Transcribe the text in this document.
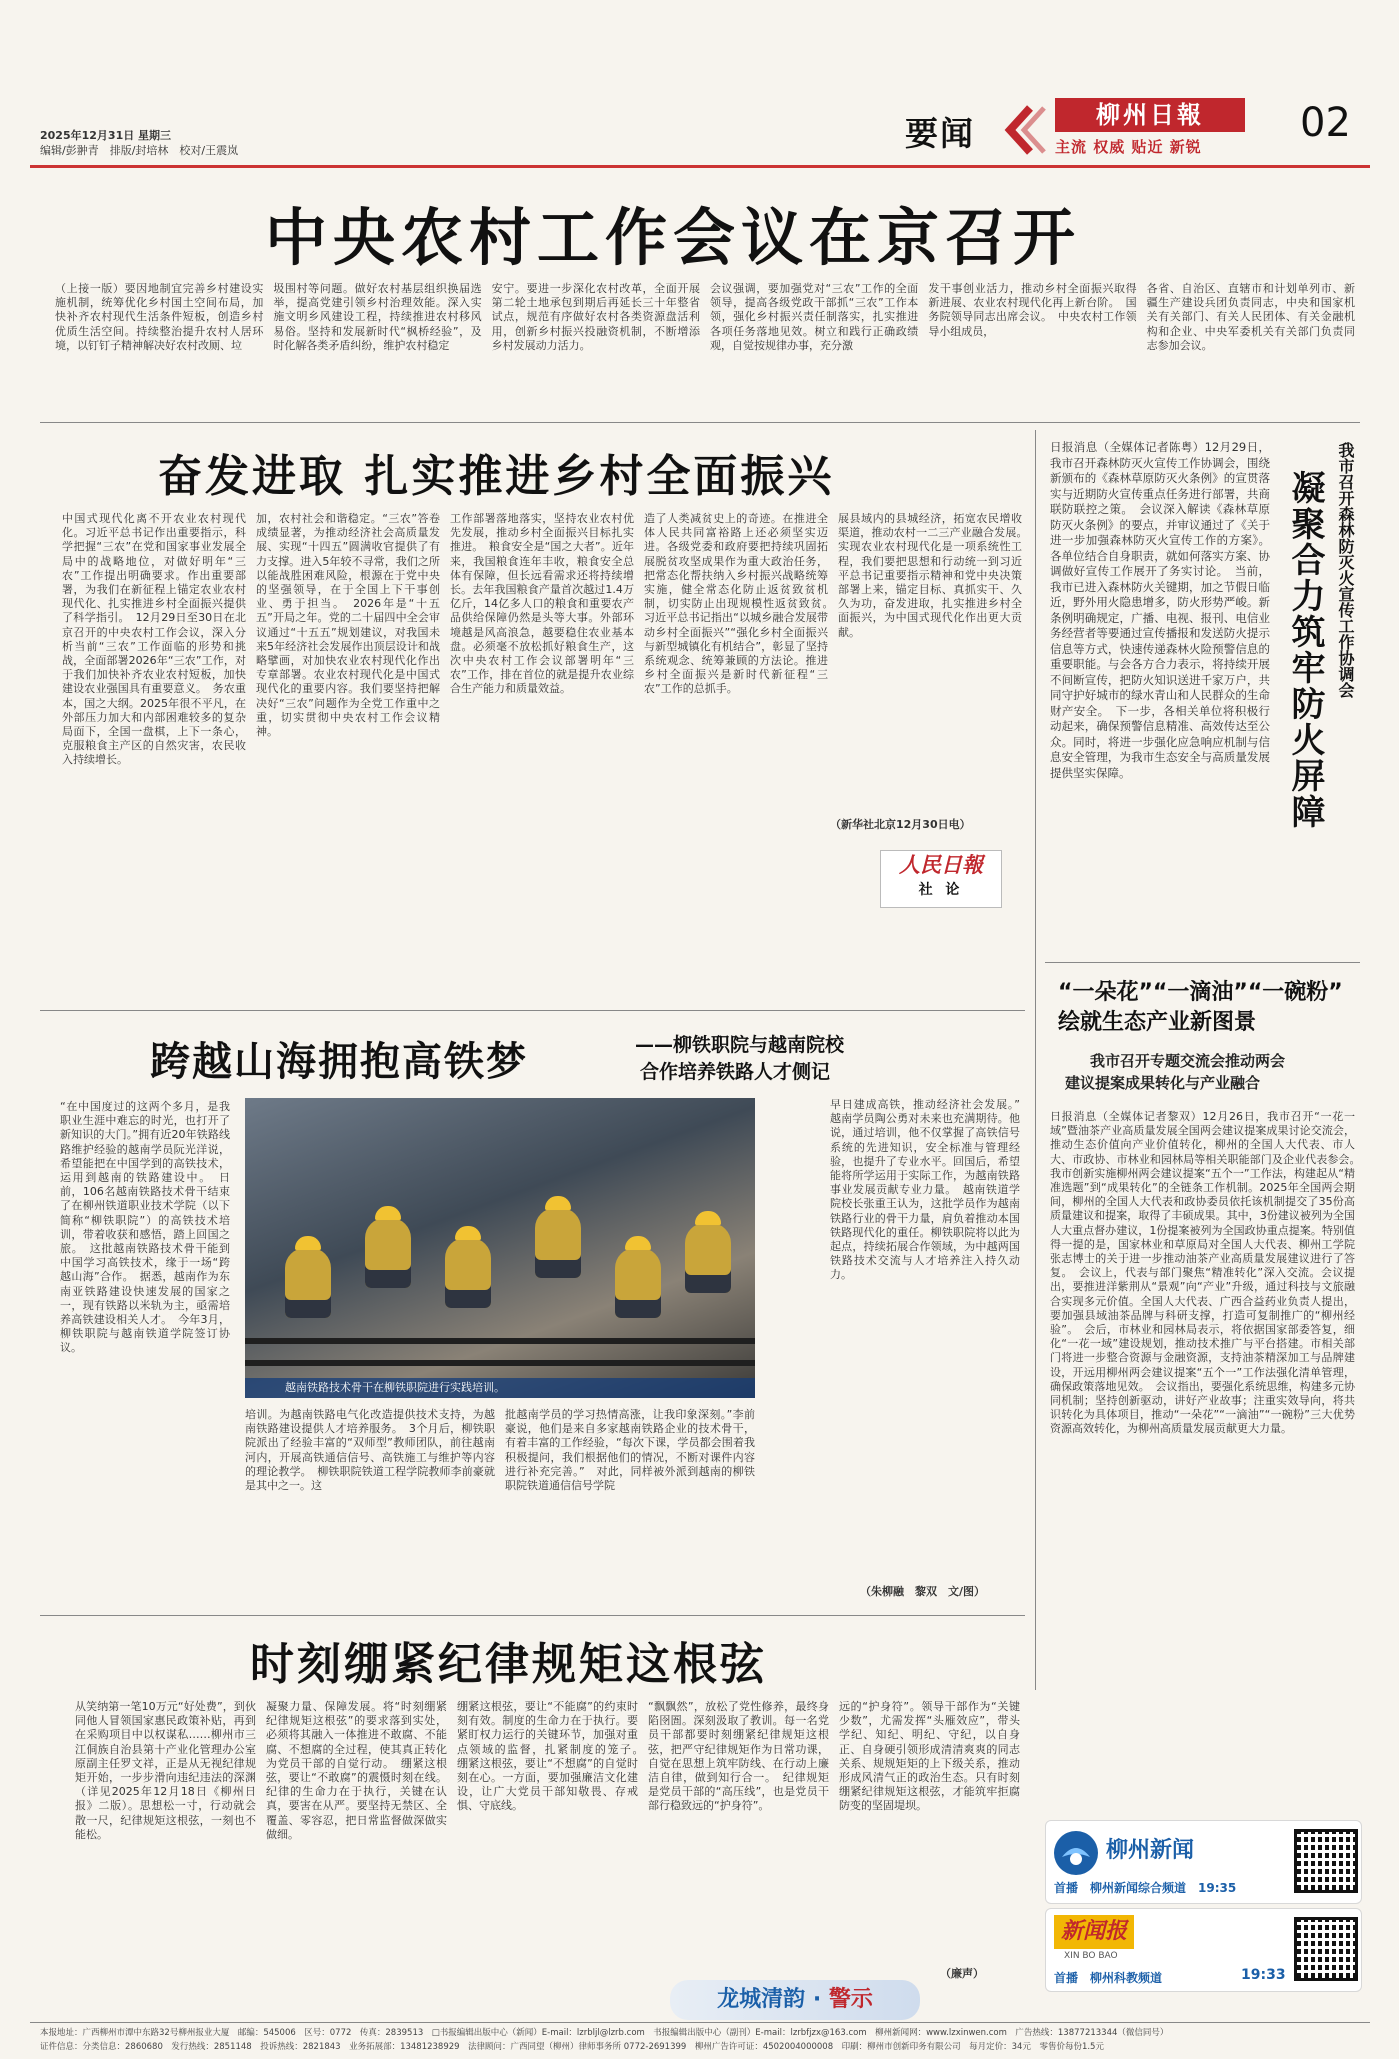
2025年12月31日 星期三
编辑/彭翀青　排版/封培林　校对/王震岚	要闻	柳州日報
主流 权威 贴近 新锐
02
中央农村工作会议在京召开
（上接一版）要因地制宜完善乡村建设实施机制，统筹优化乡村国土空间布局，加快补齐农村现代生活条件短板，创造乡村优质生活空间。持续整治提升农村人居环境，以钉钉子精神解决好农村改厕、垃
圾围村等问题。做好农村基层组织换届选举，提高党建引领乡村治理效能。深入实施文明乡风建设工程，持续推进农村移风易俗。坚持和发展新时代“枫桥经验”，及时化解各类矛盾纠纷，维护农村稳定
安宁。要进一步深化农村改革，全面开展第二轮土地承包到期后再延长三十年整省试点，规范有序做好农村各类资源盘活利用，创新乡村振兴投融资机制，不断增添乡村发展动力活力。
会议强调，要加强党对“三农”工作的全面领导，提高各级党政干部抓“三农”工作本领，强化乡村振兴责任制落实，扎实推进各项任务落地见效。树立和践行正确政绩观，自觉按规律办事，充分激
发干事创业活力，推动乡村全面振兴取得新进展、农业农村现代化再上新台阶。　国务院领导同志出席会议。　中央农村工作领导小组成员，
各省、自治区、直辖市和计划单列市、新疆生产建设兵团负责同志，中央和国家机关有关部门、有关人民团体、有关金融机构和企业、中央军委机关有关部门负责同志参加会议。
奋发进取 扎实推进乡村全面振兴
中国式现代化离不开农业农村现代化。习近平总书记作出重要指示，科学把握“三农”在党和国家事业发展全局中的战略地位，对做好明年“三农”工作提出明确要求。作出重要部署，为我们在新征程上锚定农业农村现代化、扎实推进乡村全面振兴提供了科学指引。　12月29日至30日在北京召开的中央农村工作会议，深入分析当前“三农”工作面临的形势和挑战，全面部署2026年“三农”工作，对于我们加快补齐农业农村短板，加快建设农业强国具有重要意义。　务农重本，国之大纲。2025年很不平凡，在外部压力加大和内部困难较多的复杂局面下，全国一盘棋，上下一条心，克服粮食主产区的自然灾害，农民收入持续增长。
加，农村社会和谐稳定。“三农”答卷成绩显著，为推动经济社会高质量发展、实现“十四五”圆满收官提供了有力支撑。进入5年较不寻常，我们之所以能战胜困难风险，根源在于党中央的坚强领导，在于全国上下干事创业、勇于担当。　2026年是“十五五”开局之年。党的二十届四中全会审议通过“十五五”规划建议，对我国未来5年经济社会发展作出顶层设计和战略擘画，对加快农业农村现代化作出专章部署。农业农村现代化是中国式现代化的重要内容。我们要坚持把解决好“三农”问题作为全党工作重中之重，切实贯彻中央农村工作会议精神。
工作部署落地落实，坚持农业农村优先发展，推动乡村全面振兴目标扎实推进。　粮食安全是“国之大者”。近年来，我国粮食连年丰收，粮食安全总体有保障，但长远看需求还将持续增长。去年我国粮食产量首次越过1.4万亿斤，14亿多人口的粮食和重要农产品供给保障仍然是头等大事。外部环境越是风高浪急，越要稳住农业基本盘。必须毫不放松抓好粮食生产，这次中央农村工作会议部署明年“三农”工作，排在首位的就是提升农业综合生产能力和质量效益。
造了人类减贫史上的奇迹。在推进全体人民共同富裕路上还必须坚实迈进。各级党委和政府要把持续巩固拓展脱贫攻坚成果作为重大政治任务，把常态化帮扶纳入乡村振兴战略统筹实施，健全常态化防止返贫致贫机制，切实防止出现规模性返贫致贫。　习近平总书记指出“以城乡融合发展带动乡村全面振兴”“强化乡村全面振兴与新型城镇化有机结合”，彰显了坚持系统观念、统筹兼顾的方法论。推进乡村全面振兴是新时代新征程“三农”工作的总抓手。
展县域内的县城经济，拓宽农民增收渠道，推动农村一二三产业融合发展。　实现农业农村现代化是一项系统性工程，我们要把思想和行动统一到习近平总书记重要指示精神和党中央决策部署上来，锚定目标、真抓实干、久久为功，奋发进取，扎实推进乡村全面振兴，为中国式现代化作出更大贡献。
（新华社北京12月30日电）
人民日報
社 论
日报消息（全媒体记者陈粤）12月29日，我市召开森林防灭火宣传工作协调会，围绕新颁布的《森林草原防灭火条例》的宣贯落实与近期防火宣传重点任务进行部署，共商联防联控之策。　会议深入解读《森林草原防灭火条例》的要点，并审议通过了《关于进一步加强森林防灭火宣传工作的方案》。各单位结合自身职责，就如何落实方案、协调做好宣传工作展开了务实讨论。　当前，我市已进入森林防火关键期，加之节假日临近，野外用火隐患增多，防火形势严峻。新条例明确规定，广播、电视、报刊、电信业务经营者等要通过宣传播报和发送防火提示信息等方式，快速传递森林火险预警信息的重要职能。与会各方合力表示，将持续开展不间断宣传，把防火知识送进千家万户，共同守护好城市的绿水青山和人民群众的生命财产安全。　下一步，各相关单位将积极行动起来，确保预警信息精准、高效传达至公众。同时，将进一步强化应急响应机制与信息安全管理，为我市生态安全与高质量发展提供坚实保障。
我市召开森林防灭火宣传工作协调会
凝聚合力筑牢防火屏障
跨越山海拥抱高铁梦	——柳铁职院与越南院校
合作培养铁路人才侧记
“在中国度过的这两个多月，是我职业生涯中难忘的时光，也打开了新知识的大门。”拥有近20年铁路线路维护经验的越南学员阮光洋说，希望能把在中国学到的高铁技术，运用到越南的铁路建设中。　日前，106名越南铁路技术骨干结束了在柳州铁道职业技术学院（以下简称“柳铁职院”）的高铁技术培训，带着收获和感悟，踏上回国之旅。　这批越南铁路技术骨干能到中国学习高铁技术，缘于一场“跨越山海”合作。　据悉，越南作为东南亚铁路建设快速发展的国家之一，现有铁路以米轨为主，亟需培养高铁建设相关人才。　今年3月，柳铁职院与越南铁道学院签订协议。
越南铁路技术骨干在柳铁职院进行实践培训。
培训。为越南铁路电气化改造提供技术支持，为越南铁路建设提供人才培养服务。　3个月后，柳铁职院派出了经验丰富的“双师型”教师团队，前往越南河内，开展高铁通信信号、高铁施工与维护等内容的理论教学。　柳铁职院铁道工程学院教师李前豪就是其中之一。这
批越南学员的学习热情高涨，让我印象深刻。”李前豪说，他们是来自多家越南铁路企业的技术骨干，有着丰富的工作经验，“每次下课，学员都会围着我积极提问，我们根据他们的情况，不断对课件内容进行补充完善。”　对此，同样被外派到越南的柳铁职院铁道通信信号学院
早日建成高铁，推动经济社会发展。”　越南学员陶公勇对未来也充满期待。他说，通过培训，他不仅掌握了高铁信号系统的先进知识，安全标准与管理经验，也提升了专业水平。回国后，希望能将所学运用于实际工作，为越南铁路事业发展贡献专业力量。　越南铁道学院校长张重王认为，这批学员作为越南铁路行业的骨干力量，肩负着推动本国铁路现代化的重任。柳铁职院将以此为起点，持续拓展合作领域，为中越两国铁路技术交流与人才培养注入持久动力。
（朱柳融　黎双　文/图）
“一朵花”“一滴油”“一碗粉”
绘就生态产业新图景
我市召开专题交流会推动两会
建议提案成果转化与产业融合
日报消息（全媒体记者黎双）12月26日，我市召开“一花一域”暨油茶产业高质量发展全国两会建议提案成果讨论交流会，推动生态价值向产业价值转化，柳州的全国人大代表、市人大、市政协、市林业和园林局等相关职能部门及企业代表参会。　我市创新实施柳州两会建议提案“五个一”工作法，构建起从“精准选题”到“成果转化”的全链条工作机制。2025年全国两会期间，柳州的全国人大代表和政协委员依托该机制提交了35份高质量建议和提案，取得了丰硕成果。其中，3份建议被列为全国人大重点督办建议，1份提案被列为全国政协重点提案。特别值得一提的是，国家林业和草原局对全国人大代表、柳州工学院张志博士的关于进一步推动油茶产业高质量发展建议进行了答复。　会议上，代表与部门聚焦“精准转化”深入交流。会议提出，要推进洋紫荆从“景观”向“产业”升级，通过科技与文旅融合实现多元价值。全国人大代表、广西合益药业负责人提出，要加强县域油茶品牌与科研支撑，打造可复制推广的“柳州经验”。　会后，市林业和园林局表示，将依据国家部委答复，细化“一花一域”建设规划，推动技术推广与平台搭建。市相关部门将进一步整合资源与金融资源，支持油茶精深加工与品牌建设，开远用柳州两会建议提案“五个一”工作法强化清单管理，确保政策落地见效。　会议指出，要强化系统思维，构建多元协同机制；坚持创新驱动，讲好产业故事；注重实效导向，将共识转化为具体项目，推动“一朵花”“一滴油”“一碗粉”三大优势资源高效转化，为柳州高质量发展贡献更大力量。
时刻绷紧纪律规矩这根弦
从笑纳第一笔10万元“好处费”，到伙同他人冒领国家惠民政策补贴，再到在采购项目中以权谋私……柳州市三江侗族自治县第十产业化管理办公室原副主任罗文祥，正是从无视纪律规矩开始，一步步滑向违纪违法的深渊（详见2025年12月18日《柳州日报》二版）。思想松一寸，行动就会散一尺，纪律规矩这根弦，一刻也不能松。
凝聚力量、保障发展。将“时刻绷紧纪律规矩这根弦”的要求落到实处，必须将其融入一体推进不敢腐、不能腐、不想腐的全过程，使其真正转化为党员干部的自觉行动。　绷紧这根弦，要让“不敢腐”的震慑时刻在线。纪律的生命力在于执行，关键在认真，要害在从严。要坚持无禁区、全覆盖、零容忍，把日常监督做深做实做细。
绷紧这根弦，要让“不能腐”的约束时刻有效。制度的生命力在于执行。要紧盯权力运行的关键环节，加强对重点领域的监督，扎紧制度的笼子。　绷紧这根弦，要让“不想腐”的自觉时刻在心。一方面，要加强廉洁文化建设，让广大党员干部知敬畏、存戒惧、守底线。
“飘飘然”，放松了党性修养，最终身陷囹圄。深刻汲取了教训。每一名党员干部都要时刻绷紧纪律规矩这根弦，把严守纪律规矩作为日常功课，自觉在思想上筑牢防线、在行动上廉洁自律，做到知行合一。　纪律规矩是党员干部的“高压线”，也是党员干部行稳致远的“护身符”。
远的“护身符”。领导干部作为“关键少数”，尤需发挥“头雁效应”，带头学纪、知纪、明纪、守纪，以自身正、自身硬引领形成清清爽爽的同志关系、规规矩矩的上下级关系，推动形成风清气正的政治生态。只有时刻绷紧纪律规矩这根弦，才能筑牢拒腐防变的坚固堤坝。
（廉声）
龙城清韵 · 警示
柳州新闻
首播　柳州新闻综合频道　19:35
新闻报
XIN BO BAO
首播　柳州科教频道	19:33
本报地址：广西柳州市潭中东路32号柳州报业大厦　邮编：545006　区号：0772　传真：2839513　□书报编辑出版中心（新闻）E-mail：lzrbljl@lzrb.com　书报编辑出版中心（副刊）E-mail：lzrbfjzx@163.com　柳州新闻网：www.lzxinwen.com　广告热线：13877213344（微信同号）
证件信息：分类信息：2860680　发行热线：2851148　投诉热线：2821843　业务拓展部：13481238929　法律顾问：广西同望（柳州）律师事务所 0772-2691399　柳州广告许可证：4502004000008　印刷：柳州市创新印务有限公司　每月定价：34元　零售价每份1.5元
